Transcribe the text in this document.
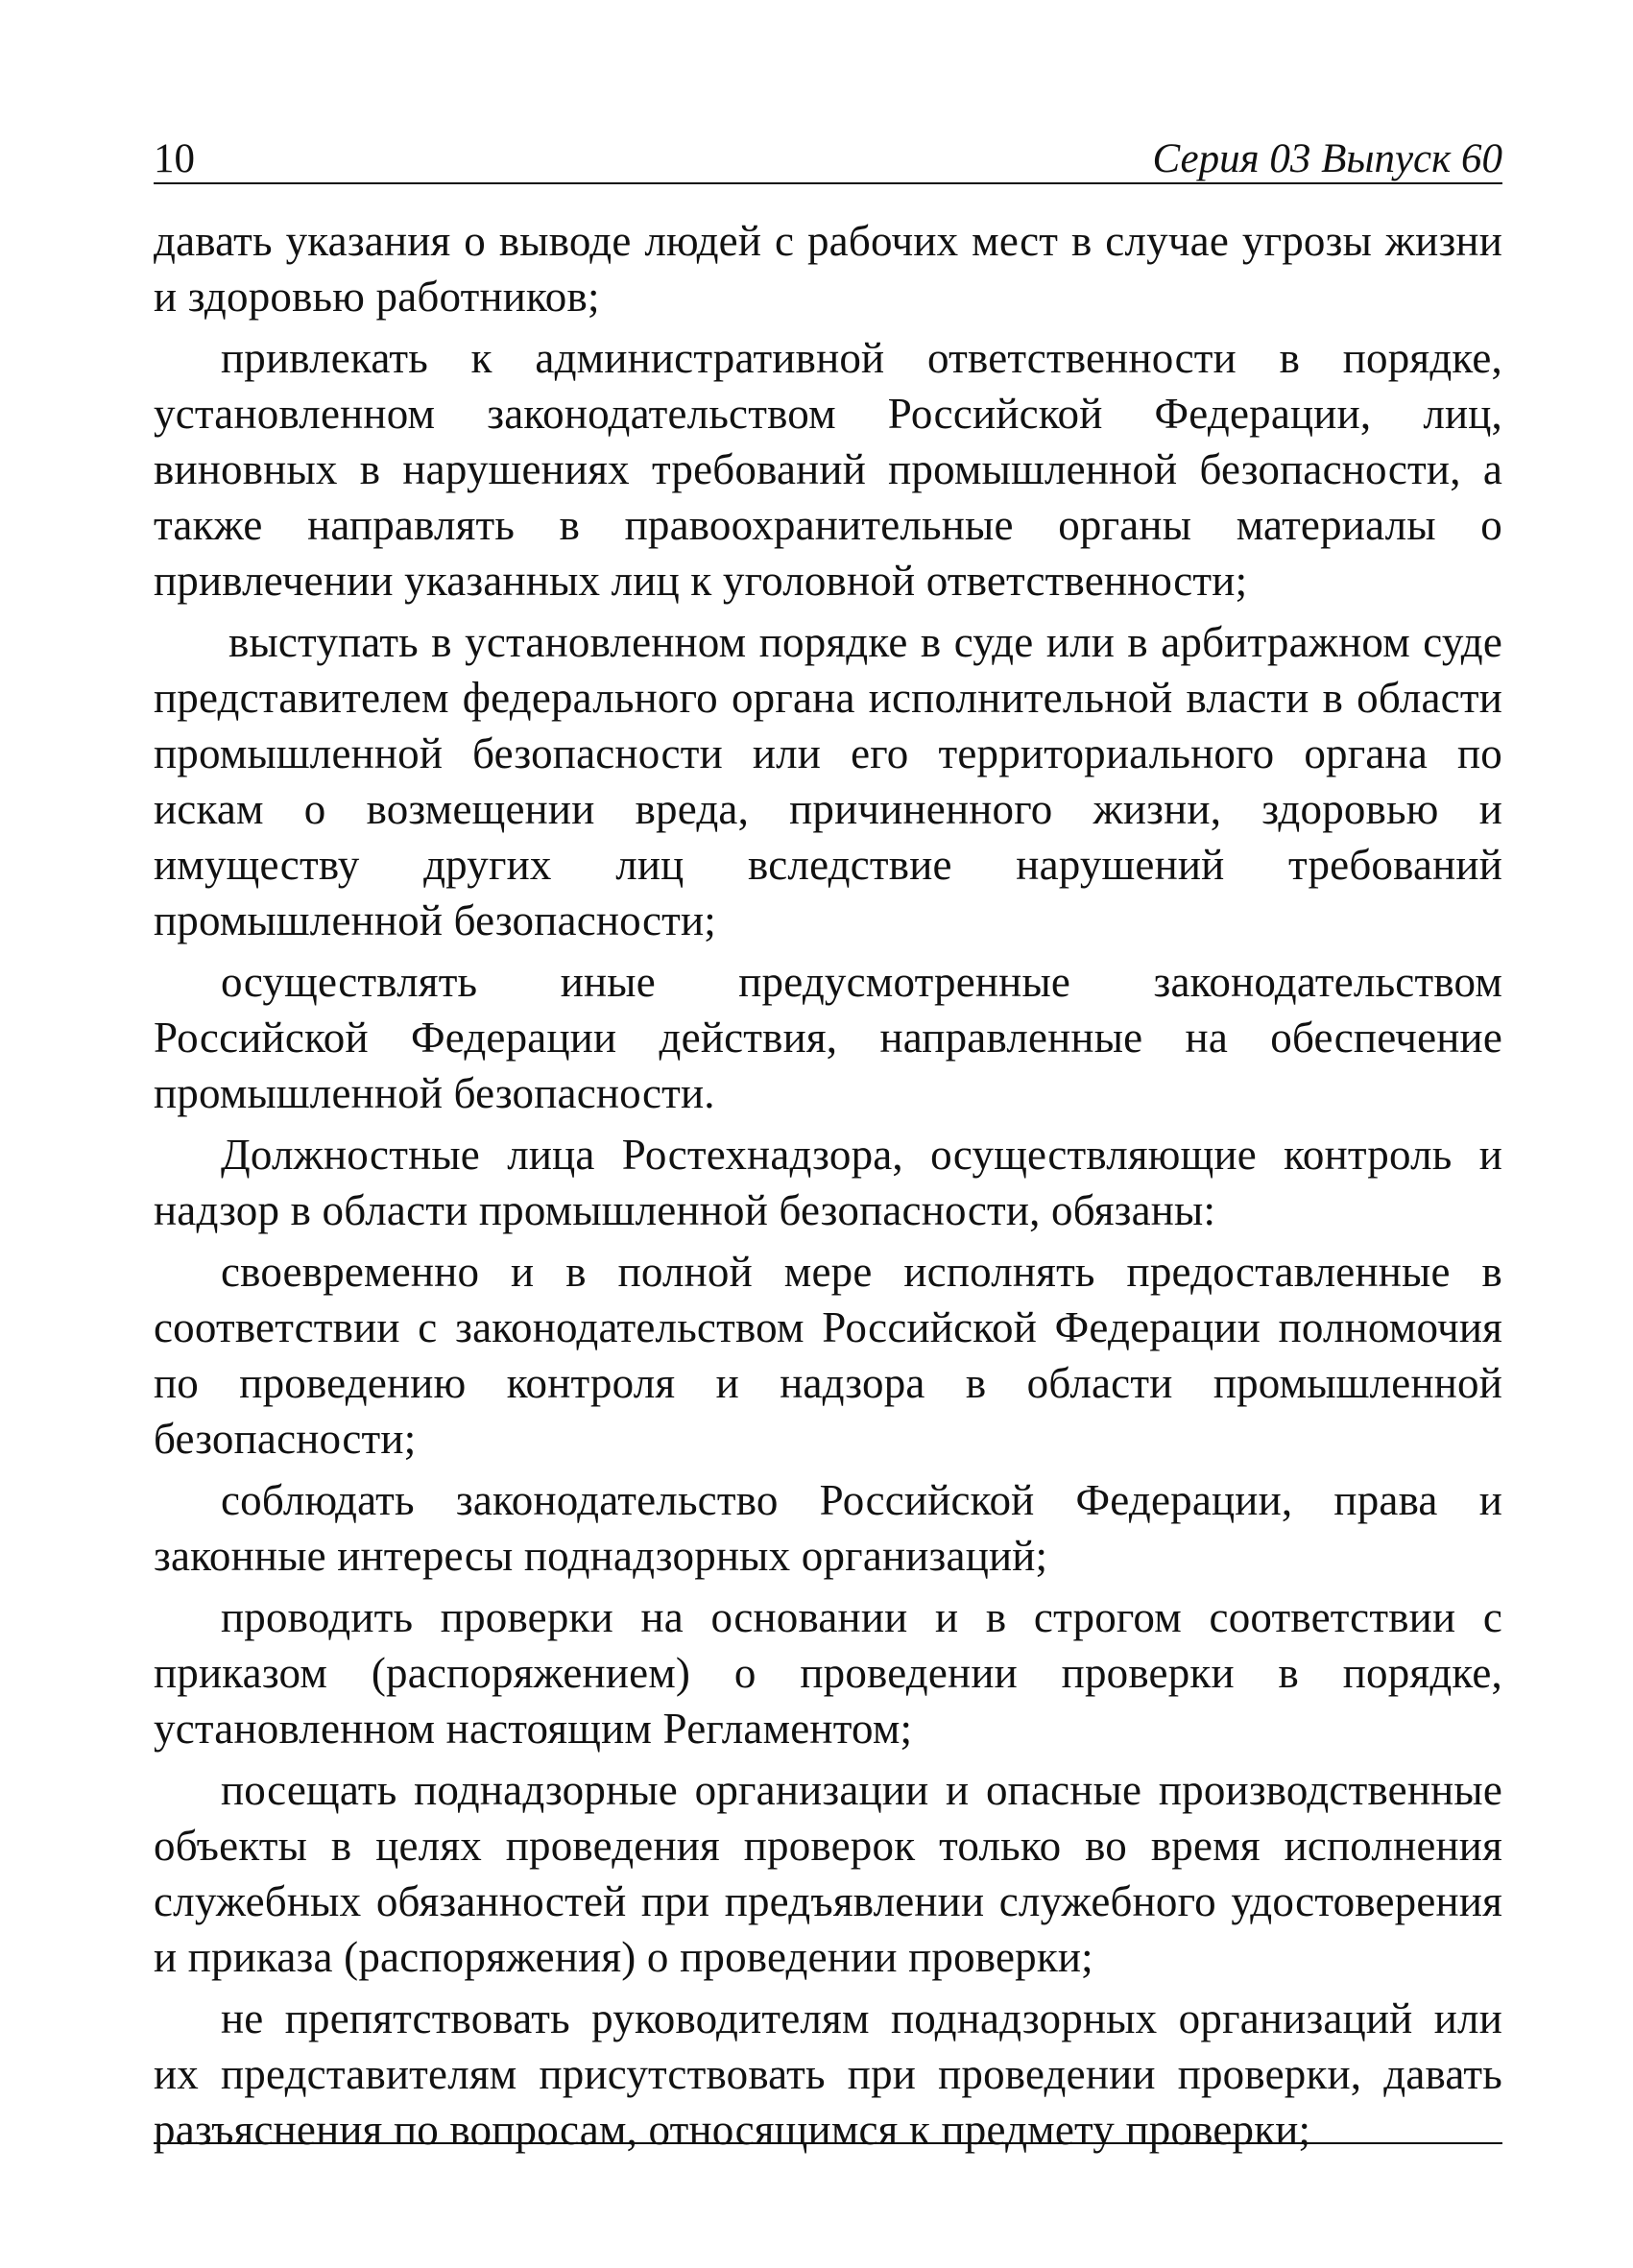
10	Серия 03 Выпуск 60

давать указания о выводе людей с рабочих мест в случае угрозы жизни и здоровью работников;

привлекать к административной ответственности в порядке, установленном законодательством Российской Федерации, лиц, виновных в нарушениях требований промышленной безопасности, а также направлять в правоохранительные органы материалы о привлечении указанных лиц к уголовной ответственности;

выступать в установленном порядке в суде или в арбитражном суде представителем федерального органа исполнительной власти в области промышленной безопасности или его территориального органа по искам о возмещении вреда, причиненного жизни, здоровью и имуществу других лиц вследствие нарушений требований промышленной безопасности;

осуществлять иные предусмотренные законодательством Российской Федерации действия, направленные на обеспечение промышленной безопасности.

Должностные лица Ростехнадзора, осуществляющие контроль и надзор в области промышленной безопасности, обязаны:

своевременно и в полной мере исполнять предоставленные в соответствии с законодательством Российской Федерации полномочия по проведению контроля и надзора в области промышленной безопасности;

соблюдать законодательство Российской Федерации, права и законные интересы поднадзорных организаций;

проводить проверки на основании и в строгом соответствии с приказом (распоряжением) о проведении проверки в порядке, установленном настоящим Регламентом;

посещать поднадзорные организации и опасные производственные объекты в целях проведения проверок только во время исполнения служебных обязанностей при предъявлении служебного удостоверения и приказа (распоряжения) о проведении проверки;

не препятствовать руководителям поднадзорных организаций или их представителям присутствовать при проведении проверки, давать разъяснения по вопросам, относящимся к предмету проверки;
